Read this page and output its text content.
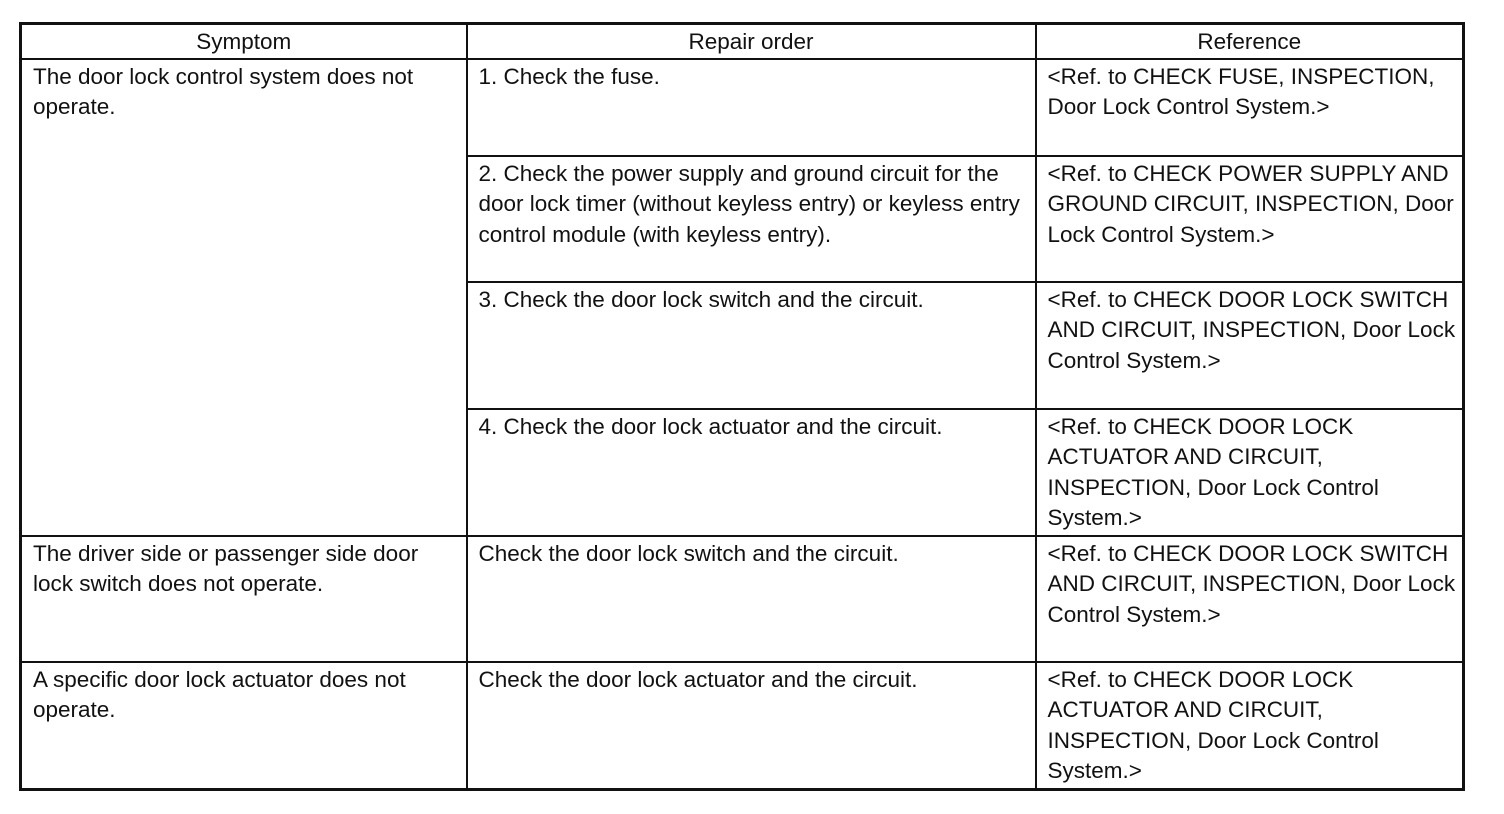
Symptom	Repair order	Reference
The door lock control system does not operate.	1. Check the fuse.	<Ref. to CHECK FUSE, INSPECTION, Door Lock Control System.>
	2. Check the power supply and ground circuit for the door lock timer (without keyless entry) or keyless entry control module (with keyless entry).	<Ref. to CHECK POWER SUPPLY AND GROUND CIRCUIT, INSPECTION, Door Lock Control System.>
	3. Check the door lock switch and the circuit.	<Ref. to CHECK DOOR LOCK SWITCH AND CIRCUIT, INSPECTION, Door Lock Control System.>
	4. Check the door lock actuator and the circuit.	<Ref. to CHECK DOOR LOCK ACTUATOR AND CIRCUIT, INSPECTION, Door Lock Control System.>
The driver side or passenger side door lock switch does not operate.	Check the door lock switch and the circuit.	<Ref. to CHECK DOOR LOCK SWITCH AND CIRCUIT, INSPECTION, Door Lock Control System.>
A specific door lock actuator does not operate.	Check the door lock actuator and the circuit.	<Ref. to CHECK DOOR LOCK ACTUATOR AND CIRCUIT, INSPECTION, Door Lock Control System.>
